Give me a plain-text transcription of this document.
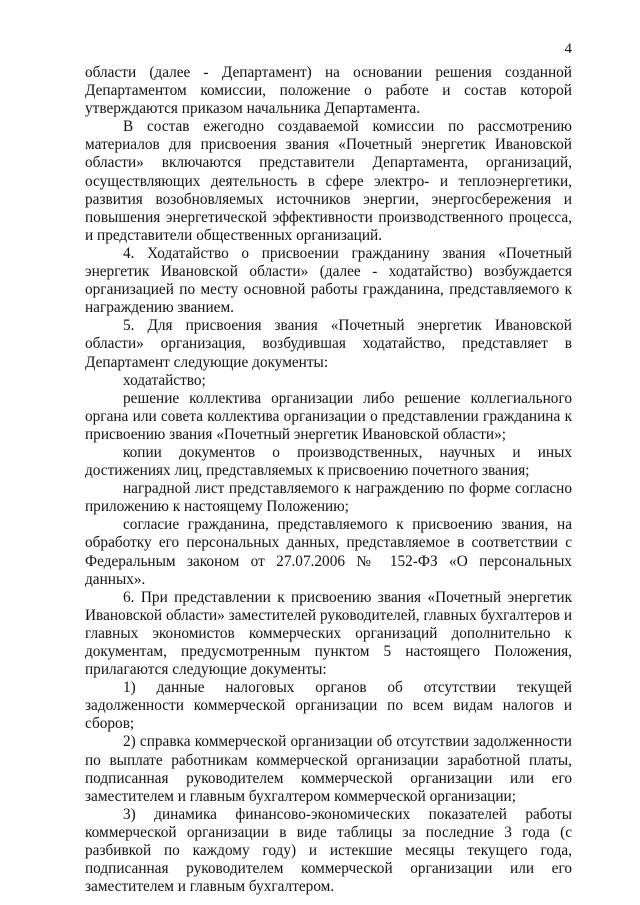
4

области (далее - Департамент) на основании решения созданной Департаментом комиссии, положение о работе и состав которой утверждаются приказом начальника Департамента.

В состав ежегодно создаваемой комиссии по рассмотрению материалов для присвоения звания «Почетный энергетик Ивановской области» включаются представители Департамента, организаций, осуществляющих деятельность в сфере электро- и теплоэнергетики, развития возобновляемых источников энергии, энергосбережения и повышения энергетической эффективности производственного процесса, и представители общественных организаций.

4. Ходатайство о присвоении гражданину звания «Почетный энергетик Ивановской области» (далее - ходатайство) возбуждается организацией по месту основной работы гражданина, представляемого к награждению званием.

5. Для присвоения звания «Почетный энергетик Ивановской области» организация, возбудившая ходатайство, представляет в Департамент следующие документы:

ходатайство;

решение коллектива организации либо решение коллегиального органа или совета коллектива организации о представлении гражданина к присвоению звания «Почетный энергетик Ивановской области»;

копии документов о производственных, научных и иных достижениях лиц, представляемых к присвоению почетного звания;

наградной лист представляемого к награждению по форме согласно приложению к настоящему Положению;

согласие гражданина, представляемого к присвоению звания, на обработку его персональных данных, представляемое в соответствии с Федеральным законом от 27.07.2006 № 152-ФЗ «О персональных данных».

6. При представлении к присвоению звания «Почетный энергетик Ивановской области» заместителей руководителей, главных бухгалтеров и главных экономистов коммерческих организаций дополнительно к документам, предусмотренным пунктом 5 настоящего Положения, прилагаются следующие документы:

1) данные налоговых органов об отсутствии текущей задолженности коммерческой организации по всем видам налогов и сборов;

2) справка коммерческой организации об отсутствии задолженности по выплате работникам коммерческой организации заработной платы, подписанная руководителем коммерческой организации или его заместителем и главным бухгалтером коммерческой организации;

3) динамика финансово-экономических показателей работы коммерческой организации в виде таблицы за последние 3 года (с разбивкой по каждому году) и истекшие месяцы текущего года, подписанная руководителем коммерческой организации или его заместителем и главным бухгалтером.
